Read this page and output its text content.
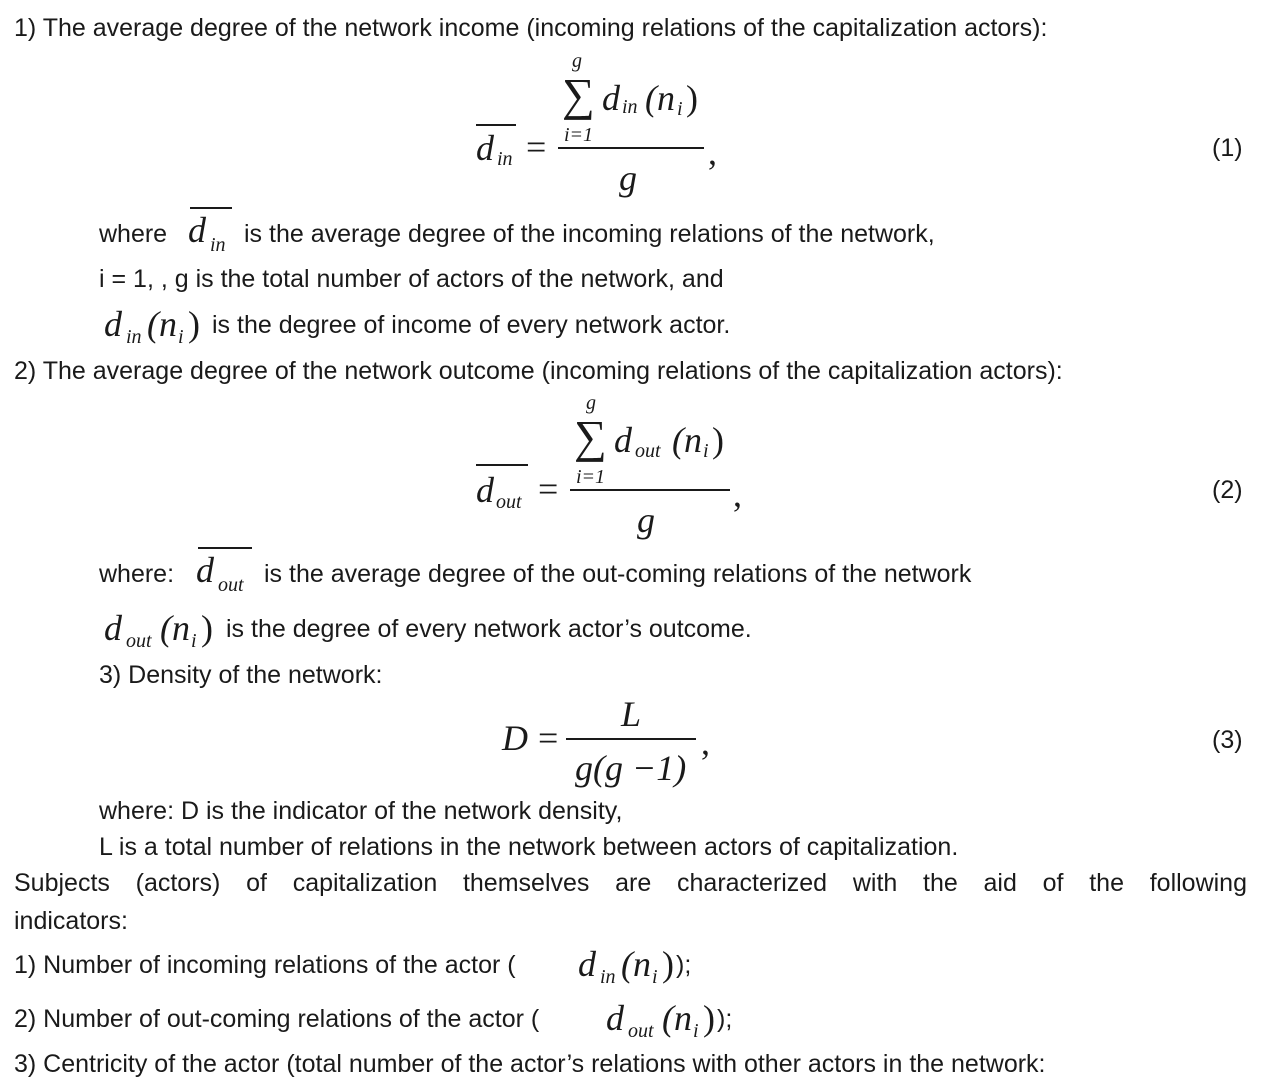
1) The average degree of the network income (incoming relations of the capitalization actors):
g
∑ d in (n i )
i=1
g
d in =	,	(1)
where d in is the average degree of the incoming relations of the network,
i = 1, , g is the total number of actors of the network, and
d in (n i ) is the degree of income of every network actor.
2) The average degree of the network outcome (incoming relations of the capitalization actors):
g
∑ d out (n i )
i=1
g
d out =	,	(2)
where: d out is the average degree of the out-coming relations of the network
d out (n i ) is the degree of every network actor’s outcome.
3) Density of the network:
L
g(g −1)
D =	,	(3)
where: D is the indicator of the network density,
L is a total number of relations in the network between actors of capitalization.
Subjects (actors) of capitalization themselves are characterized with the aid of the following
indicators:
1) Number of incoming relations of the actor ( d in (n i ) );
2) Number of out-coming relations of the actor ( d out (n i ) );
3) Centricity of the actor (total number of the actor’s relations with other actors in the network:
